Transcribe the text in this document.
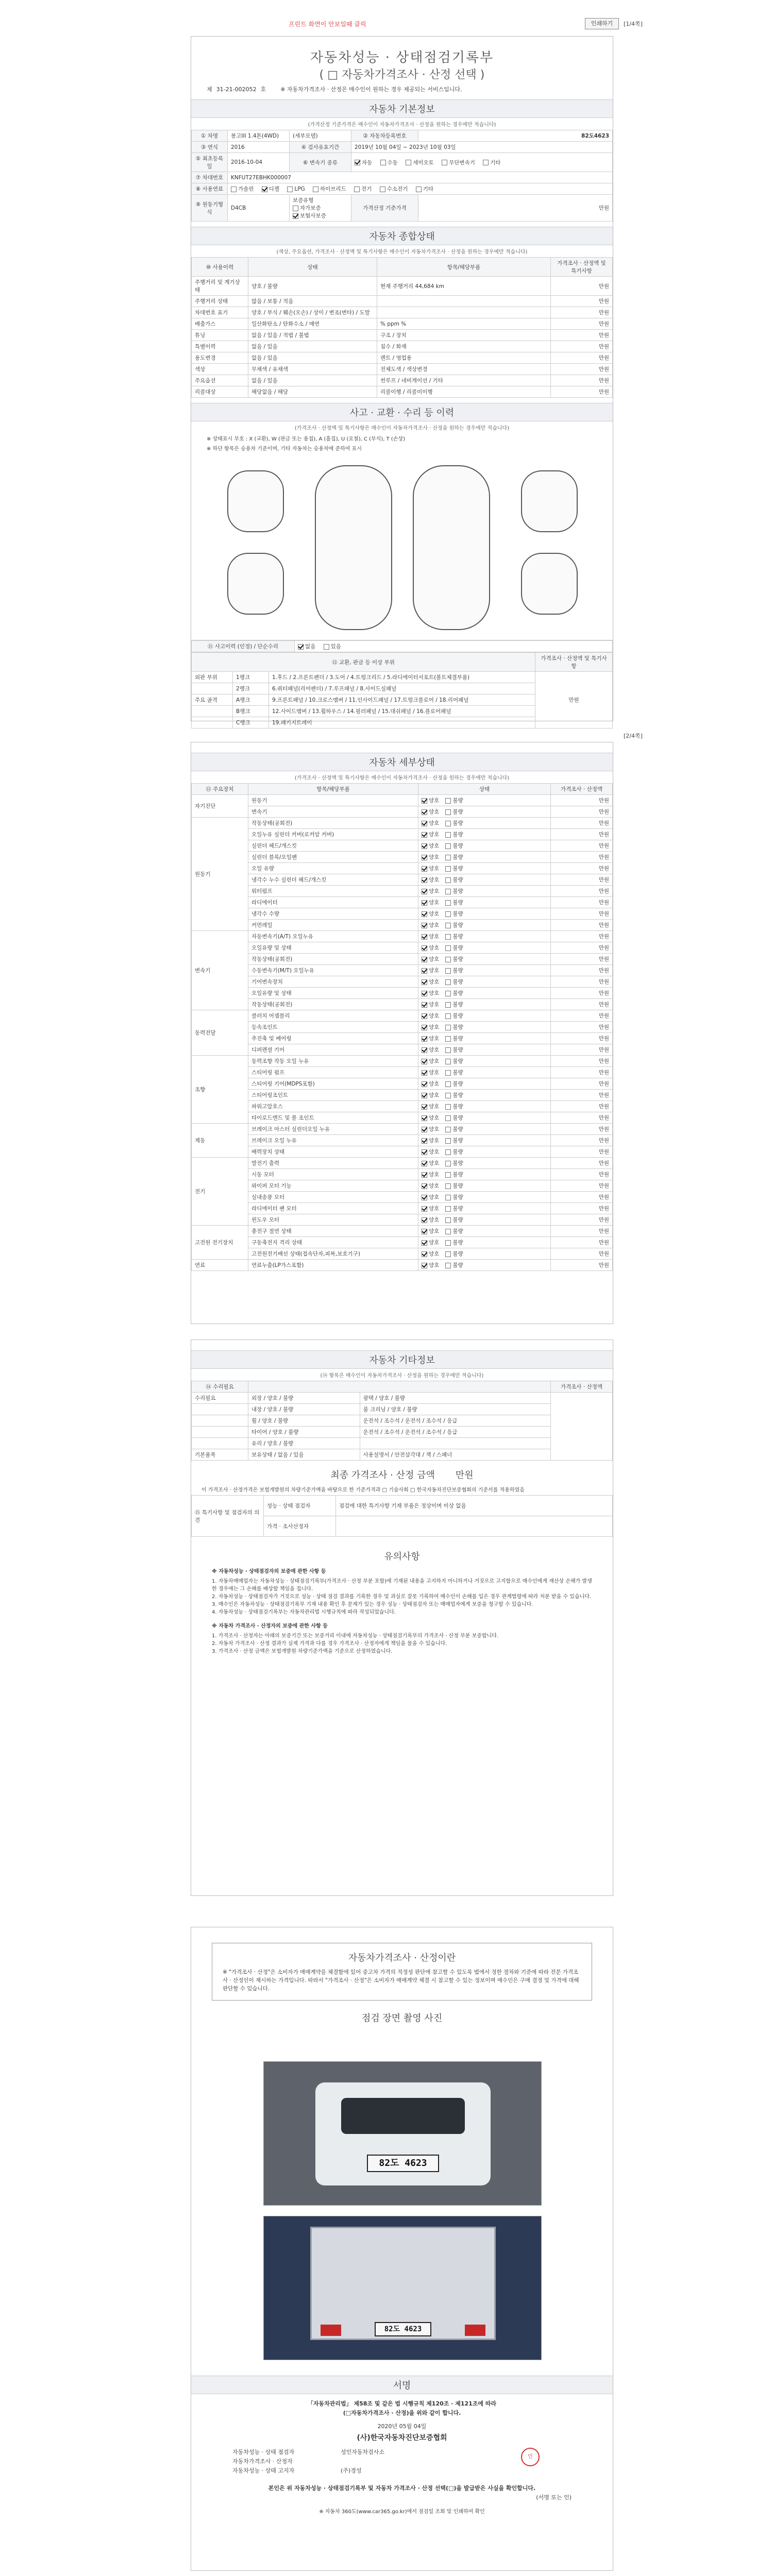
프린트 화면이 안보일때 클릭	인쇄하기	[1/4쪽]
자동차성능 · 상태점검기록부
( □ 자동차가격조사 · 산정 선택 )
제 31-21-002052 호	※ 자동차가격조사 · 산정은 매수인이 원하는 경우 제공되는 서비스입니다.
자동차 기본정보
(가격산정 기준가격은 매수인이 자동차가격조사 · 산정을 원하는 경우에만 적습니다)
① 차명	봉고III 1.4톤(4WD)	(세부모델)	② 자동차등록번호	82도4623
③ 연식	2016	④ 검사유효기간	2019년 10월 04일 ~ 2023년 10월 03일	
⑤ 최초등록일	2016-10-04	⑥ 변속기 종류	자동 수동 세미오토 무단변속기 기타	
⑦ 차대번호	KNFUT27EBHK000007			
⑧ 사용연료	가솔린 디젤 LPG 하이브리드 전기 수소전기 기타			
⑨ 원동기형식	D4CB	보증유형 자가보증 보험사보증	가격산정 기준가격	만원
자동차 종합상태
(색상, 주요옵션, 가격조사 · 산정액 및 특기사항은 매수인이 자동차가격조사 · 산정을 원하는 경우에만 적습니다)
⑩ 사용이력	상태	항목/해당부품	가격조사 · 산정액 및 특기사항
주행거리 및 계기상태	양호 / 불량	현재 주행거리 44,684 km	만원
주행거리 상태	많음 / 보통 / 적음		만원
차대번호 표기	양호 / 부식 / 훼손(오손) / 상이 / 변조(변타) / 도말		만원
배출가스	일산화탄소 / 탄화수소 / 매연	% ppm %	만원
튜닝	없음 / 있음 / 적법 / 불법	구조 / 장치	만원
특별이력	없음 / 있음	침수 / 화재	만원
용도변경	없음 / 있음	렌트 / 영업용	만원
색상	무채색 / 유채색	전체도색 / 색상변경	만원
주요옵션	없음 / 있음	썬루프 / 네비게이션 / 기타	만원
리콜대상	해당없음 / 해당	리콜이행 / 리콜미이행	만원
사고 · 교환 · 수리 등 이력
(가격조사 · 산정액 및 특기사항은 매수인이 자동차가격조사 · 산정을 원하는 경우에만 적습니다)
※ 상태표시 부호 : X (교환), W (판금 또는 용접), A (흠집), U (요철), C (부식), T (손상)
※ 하단 항목은 승용차 기준이며, 기타 자동차는 승용차에 준하여 표시
⑪ 사고이력 (인정) / 단순수리	없음	있음
⑫ 교환, 판금 등 이상 부위			가격조사 · 산정액 및 특기사항
외판 부위	1랭크	1.후드 / 2.프론트펜더 / 3.도어 / 4.트렁크리드 / 5.라디에이터서포트(볼트체결부품)	만원
	2랭크	6.쿼터패널(리어펜더) / 7.루프패널 / 8.사이드실패널	
주요 골격	A랭크	9.프론트패널 / 10.크로스멤버 / 11.인사이드패널 / 17.트렁크플로어 / 18.리어패널	
	B랭크	12.사이드멤버 / 13.휠하우스 / 14.필러패널 / 15.대쉬패널 / 16.플로어패널	
	C랭크	19.패키지트레이	
[2/4쪽]
자동차 세부상태
(가격조사 · 산정액 및 특기사항은 매수인이 자동차가격조사 · 산정을 원하는 경우에만 적습니다)
⑬ 주요장치	항목/해당부품	상태	가격조사 · 산정액
자기진단	원동기	양호 불량	만원
	변속기	양호 불량	만원
원동기	작동상태(공회전)	양호 불량	만원
	오일누유 실린더 커버(로커암 커버)	양호 불량	만원
	실린더 헤드/개스킷	양호 불량	만원
	실린더 블록/오일팬	양호 불량	만원
	오일 유량	양호 불량	만원
	냉각수 누수 실린더 헤드/개스킷	양호 불량	만원
	워터펌프	양호 불량	만원
	라디에이터	양호 불량	만원
	냉각수 수량	양호 불량	만원
	커먼레일	양호 불량	만원
변속기	자동변속기(A/T) 오일누유	양호 불량	만원
	오일유량 및 상태	양호 불량	만원
	작동상태(공회전)	양호 불량	만원
	수동변속기(M/T) 오일누유	양호 불량	만원
	기어변속장치	양호 불량	만원
	오일유량 및 상태	양호 불량	만원
	작동상태(공회전)	양호 불량	만원
동력전달	클러치 어셈블리	양호 불량	만원
	등속조인트	양호 불량	만원
	추진축 및 베어링	양호 불량	만원
	디퍼렌셜 기어	양호 불량	만원
조향	동력조향 작동 오일 누유	양호 불량	만원
	스티어링 펌프	양호 불량	만원
	스티어링 기어(MDPS포함)	양호 불량	만원
	스티어링조인트	양호 불량	만원
	파워고압호스	양호 불량	만원
	타이로드엔드 및 볼 조인트	양호 불량	만원
제동	브레이크 마스터 실린더오일 누유	양호 불량	만원
	브레이크 오일 누유	양호 불량	만원
	배력장치 상태	양호 불량	만원
전기	발전기 출력	양호 불량	만원
	시동 모터	양호 불량	만원
	와이퍼 모터 기능	양호 불량	만원
	실내송풍 모터	양호 불량	만원
	라디에이터 팬 모터	양호 불량	만원
	윈도우 모터	양호 불량	만원
고전원 전기장치	충전구 절연 상태	양호 불량	만원
	구동축전지 격리 상태	양호 불량	만원
	고전원전기배선 상태(접속단자,피복,보호기구)	양호 불량	만원
연료	연료누출(LP가스포함)	양호 불량	만원
자동차 기타정보
(⑭ 항목은 매수인이 자동차가격조사 · 산정을 원하는 경우에만 적습니다)
⑭ 수리필요			가격조사 · 산정액
수리필요	외장 / 양호 / 불량	광택 / 양호 / 불량	
	내장 / 양호 / 불량	룸 크리닝 / 양호 / 불량	
	휠 / 양호 / 불량	운전석 / 조수석 / 운전석 / 조수석 / 응급	
	타이어 / 양호 / 불량	운전석 / 조수석 / 운전석 / 조수석 / 응급	
	유리 / 양호 / 불량		
기본품목	보유상태 / 없음 / 있음	사용설명서 / 안전삼각대 / 잭 / 스패너	
최종 가격조사 · 산정 금액 만원
이 가격조사 · 산정가격은 보험개발원의 차량기준가액을 바탕으로 한 기준가격과 □ 기술사회 □ 한국자동차진단보증협회의 기준서를 적용하였음
⑮ 특기사항 및 점검자의 의견	성능 · 상태 점검자	점검에 대한 특기사항 기재 부품은 정상이며 이상 없음
	가격 · 조사산정자	
유의사항
※ 자동차성능 · 상태점검자의 보증에 관한 사항 등
1. 자동차매매업자는 자동차성능 · 상태점검기록부(가격조사 · 산정 부분 포함)에 기재된 내용을 고지하지 아니하거나 거짓으로 고지함으로 매수인에게 재산상 손해가 발생한 경우에는 그 손해를 배상할 책임을 집니다.
2. 자동차성능 · 상태점검자가 거짓으로 성능 · 상태 점검 결과를 기록한 경우 및 과실로 잘못 기록하여 매수인이 손해를 입은 경우 관계법령에 따라 처분 받을 수 있습니다.
3. 매수인은 자동차성능 · 상태점검기록부 기재 내용 확인 후 문제가 있는 경우 성능 · 상태점검자 또는 매매업자에게 보증을 청구할 수 있습니다.
4. 자동차성능 · 상태점검기록부는 자동차관리법 시행규칙에 따라 작성되었습니다.
※ 자동차 가격조사 · 산정자의 보증에 관한 사항 등
1. 가격조사 · 산정자는 아래의 보증기간 또는 보증거리 이내에 자동차성능 · 상태점검기록부의 가격조사 · 산정 부분 보증합니다.
2. 자동차 가격조사 · 산정 결과가 실제 가격과 다를 경우 가격조사 · 산정자에게 책임을 물을 수 있습니다.
3. 가격조사 · 산정 금액은 보험개발원 차량기준가액을 기준으로 산정하였습니다.
자동차가격조사 · 산정이란
※ "가격조사 · 산정"은 소비자가 매매계약을 체결함에 있어 중고차 가격의 적정성 판단에 참고할 수 있도록 법에서 정한 절차와 기준에 따라 전문 가격조사 · 산정인이 제시하는 가격입니다. 따라서 "가격조사 · 산정"은 소비자가 매매계약 체결 시 참고할 수 있는 정보이며 매수인은 구매 결정 및 가격에 대해 판단할 수 있습니다.
점검 장면 촬영 사진
82도 4623
82도 4623
서명
「자동차관리법」 제58조 및 같은 법 시행규칙 제120조 · 제121조에 따라
(□자동차가격조사 · 산정)을 위와 같이 합니다.
2020년 05월 04일
(사)한국자동차진단보증협회
자동차성능 · 상태 점검자	성인자동차검사소
자동차가격조사 · 산정자
자동차성능 · 상태 고지자	(주)경성
인
본인은 위 자동차성능 · 상태점검기록부 및 자동차 가격조사 · 산정 선택(□)을 발급받은 사실을 확인합니다.
(서명 또는 인)
※ 자동차 360도(www.car365.go.kr)에서 점검일 조회 및 인쇄하여 확인
